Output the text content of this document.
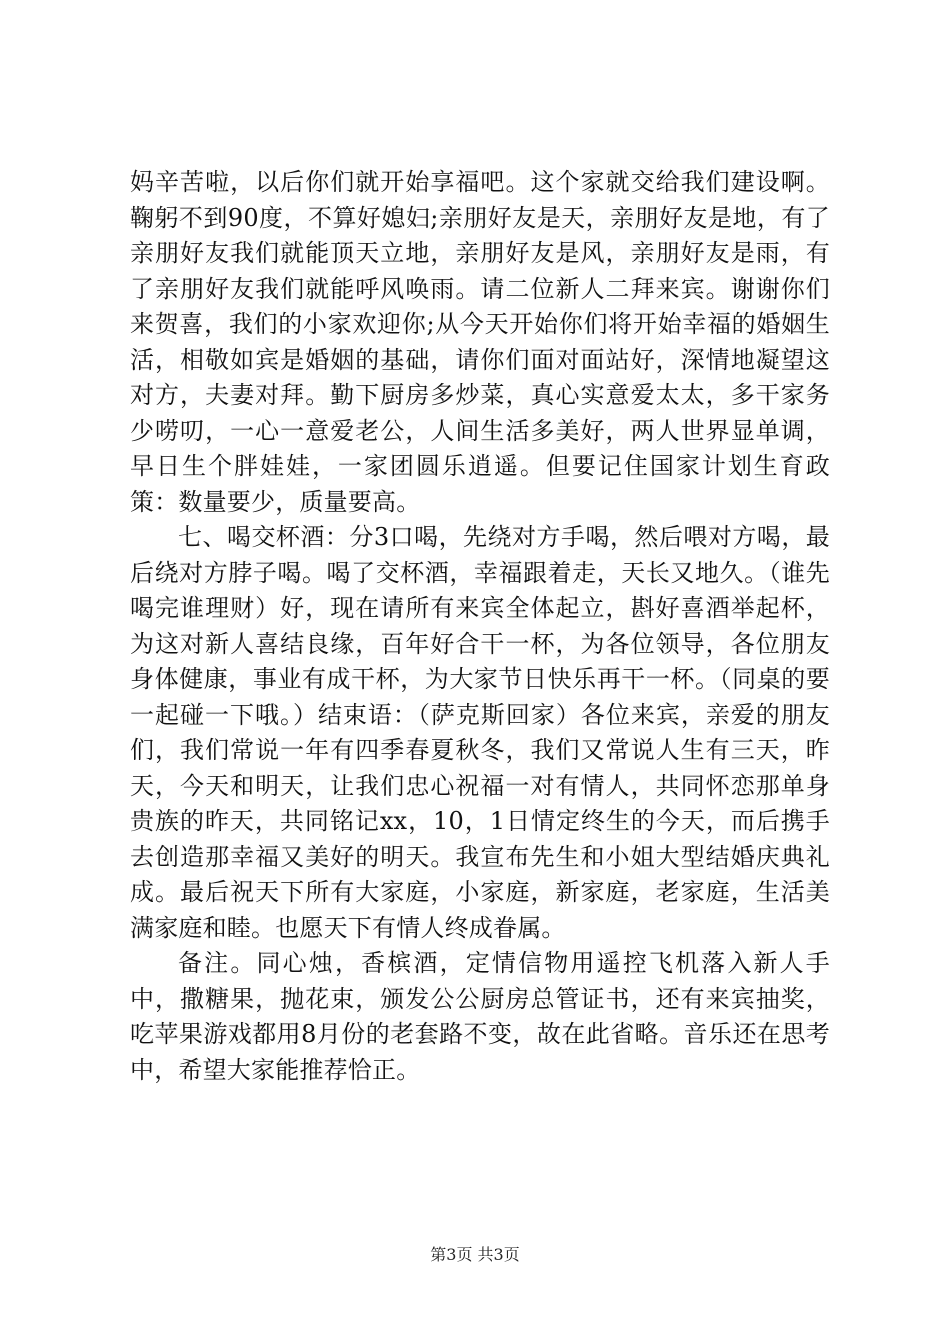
妈辛苦啦，以后你们就开始享福吧。这个家就交给我们建设啊。鞠躬不到90度，不算好媳妇;亲朋好友是天，亲朋好友是地，有了亲朋好友我们就能顶天立地，亲朋好友是风，亲朋好友是雨，有了亲朋好友我们就能呼风唤雨。请二位新人二拜来宾。谢谢你们来贺喜，我们的小家欢迎你;从今天开始你们将开始幸福的婚姻生活，相敬如宾是婚姻的基础，请你们面对面站好，深情地凝望这对方，夫妻对拜。勤下厨房多炒菜，真心实意爱太太，多干家务少唠叨，一心一意爱老公，人间生活多美好，两人世界显单调，早日生个胖娃娃，一家团圆乐逍遥。但要记住国家计划生育政策：数量要少，质量要高。

七、喝交杯酒：分3口喝，先绕对方手喝，然后喂对方喝，最后绕对方脖子喝。喝了交杯酒，幸福跟着走，天长又地久。（谁先喝完谁理财）好，现在请所有来宾全体起立，斟好喜酒举起杯，为这对新人喜结良缘，百年好合干一杯，为各位领导，各位朋友身体健康，事业有成干杯，为大家节日快乐再干一杯。（同桌的要一起碰一下哦。）结束语：（萨克斯回家）各位来宾，亲爱的朋友们，我们常说一年有四季春夏秋冬，我们又常说人生有三天，昨天，今天和明天，让我们忠心祝福一对有情人，共同怀恋那单身贵族的昨天，共同铭记xx，10，1日情定终生的今天，而后携手去创造那幸福又美好的明天。我宣布先生和小姐大型结婚庆典礼成。最后祝天下所有大家庭，小家庭，新家庭，老家庭，生活美满家庭和睦。也愿天下有情人终成眷属。

备注。同心烛，香槟酒，定情信物用遥控飞机落入新人手中，撒糖果，抛花束，颁发公公厨房总管证书，还有来宾抽奖，吃苹果游戏都用8月份的老套路不变，故在此省略。音乐还在思考中，希望大家能推荐恰正。

第3页 共3页
